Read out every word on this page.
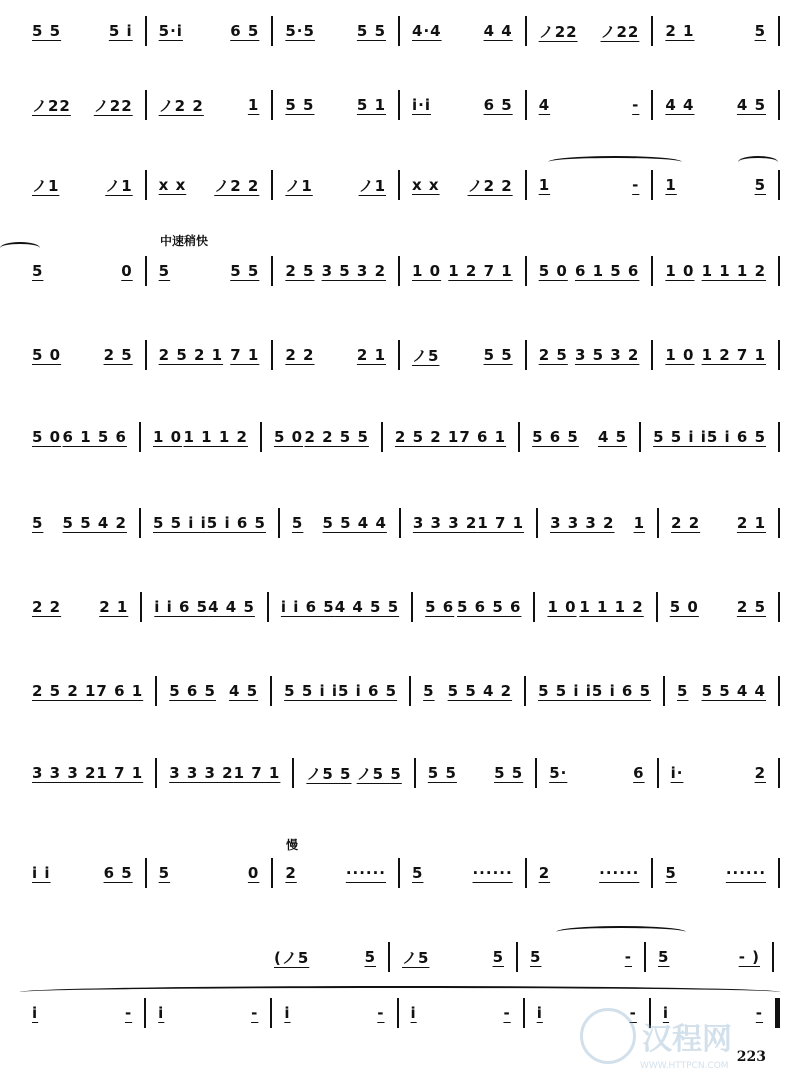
5 5	5 i 5·i	6 5 5·5	5 5 4·4	4 4 ノ22 ノ22 2 1	5
ノ22 ノ22 ノ2 2	1 5 5	5 1 i·i	6 5 4	- 4 4	4 5
ノ1	ノ1 x x ノ2 2 ノ1	ノ1 x x ノ2 2 1	- 1	5
5	0 5	5 5 2 5 3 5 3 2 1 0 1 2 7 1 5 0 6 1 5 6 1 0 1 1 1 2
5 0	2 5 2 5 2 1 7 1 2 2	2 1 ノ5	5 5 2 5 3 5 3 2 1 0 1 2 7 1
5 0 6 1 5 6 1 0 1 1 1 2 5 0 2 2 5 5 2 5 2 1 7 6 1 5 6 5 4 5 5 5 i i 5 i 6 5
5 5 5 4 2 5 5 i i 5 i 6 5 5 5 5 4 4 3 3 3 2 1 7 1 3 3 3 2 1 2 2 2 1
2 2	2 1 i i 6 5 4 4 5 i i 6 5 4 4 5 5 5 6 5 6 5 6 1 0 1 1 1 2 5 0	2 5
2 5 2 1 7 6 1 5 6 5 4 5 5 5 i i 5 i 6 5 5 5 5 4 2 5 5 i i 5 i 6 5 5 5 5 4 4
3 3 3 2 1 7 1 3 3 3 2 1 7 1 ノ5 5 ノ5 5 5 5 5 5 5·	6 i·	2
i i	6 5 5	0 2	······ 5	······ 2	······ 5	······
(ノ5	5 ノ5	5 5	- 5	- )
i	- i	- i	- i	- i	- i	-
中速稍快
慢
汉程网
WWW.HTTPCN.COM
223
